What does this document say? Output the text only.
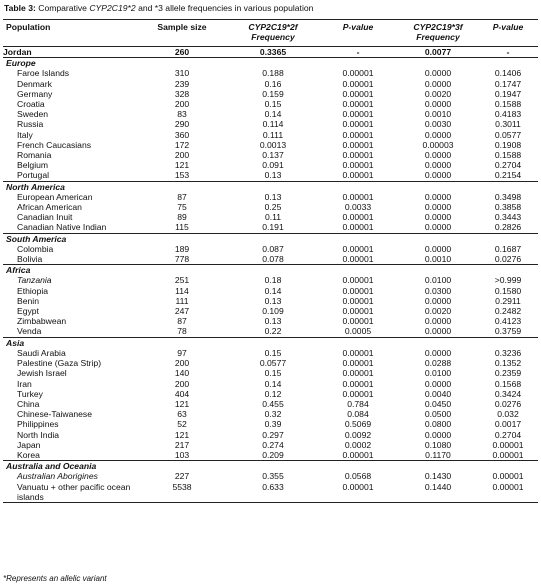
Table 3: Comparative CYP2C19*2 and *3 allele frequencies in various population
Population	Sample size	CYP2C19*2f Frequency	P-value	CYP2C19*3f Frequency	P-value
Jordan	260	0.3365	-	0.0077	-
Europe					
Faroe Islands	310	0.188	0.00001	0.0000	0.1406
Denmark	239	0.16	0.00001	0.0000	0.1747
Germany	328	0.159	0.00001	0.0020	0.1947
Croatia	200	0.15	0.00001	0.0000	0.1588
Sweden	83	0.14	0.00001	0.0010	0.4183
Russia	290	0.114	0.00001	0.0030	0.3011
Italy	360	0.111	0.00001	0.0000	0.0577
French Caucasians	172	0.0013	0.00001	0.00003	0.1908
Romania	200	0.137	0.00001	0.0000	0.1588
Belgium	121	0.091	0.00001	0.0000	0.2704
Portugal	153	0.13	0.00001	0.0000	0.2154
North America					
European American	87	0.13	0.00001	0.0000	0.3498
African American	75	0.25	0.0033	0.0000	0.3858
Canadian Inuit	89	0.11	0.00001	0.0000	0.3443
Canadian Native Indian	115	0.191	0.00001	0.0000	0.2826
South America					
Colombia	189	0.087	0.00001	0.0000	0.1687
Bolivia	778	0.078	0.00001	0.0010	0.0276
Africa					
Tanzania	251	0.18	0.00001	0.0100	>0.999
Ethiopia	114	0.14	0.00001	0.0300	0.1580
Benin	111	0.13	0.00001	0.0000	0.2911
Egypt	247	0.109	0.00001	0.0020	0.2482
Zimbabwean	87	0.13	0.00001	0.0000	0.4123
Venda	78	0.22	0.0005	0.0000	0.3759
Asia					
Saudi Arabia	97	0.15	0.00001	0.0000	0.3236
Palestine (Gaza Strip)	200	0.0577	0.00001	0.0288	0.1352
Jewish Israel	140	0.15	0.00001	0.0100	0.2359
Iran	200	0.14	0.00001	0.0000	0.1568
Turkey	404	0.12	0.00001	0.0040	0.3424
China	121	0.455	0.784	0.0450	0.0276
Chinese-Taiwanese	63	0.32	0.084	0.0500	0.032
Philippines	52	0.39	0.5069	0.0800	0.0017
North India	121	0.297	0.0092	0.0000	0.2704
Japan	217	0.274	0.0002	0.1080	0.00001
Korea	103	0.209	0.00001	0.1170	0.00001
Australia and Oceania					
Australian Aborigines	227	0.355	0.0568	0.1430	0.00001
Vanuatu + other pacific ocean islands	5538	0.633	0.00001	0.1440	0.00001
*Represents an allelic variant
